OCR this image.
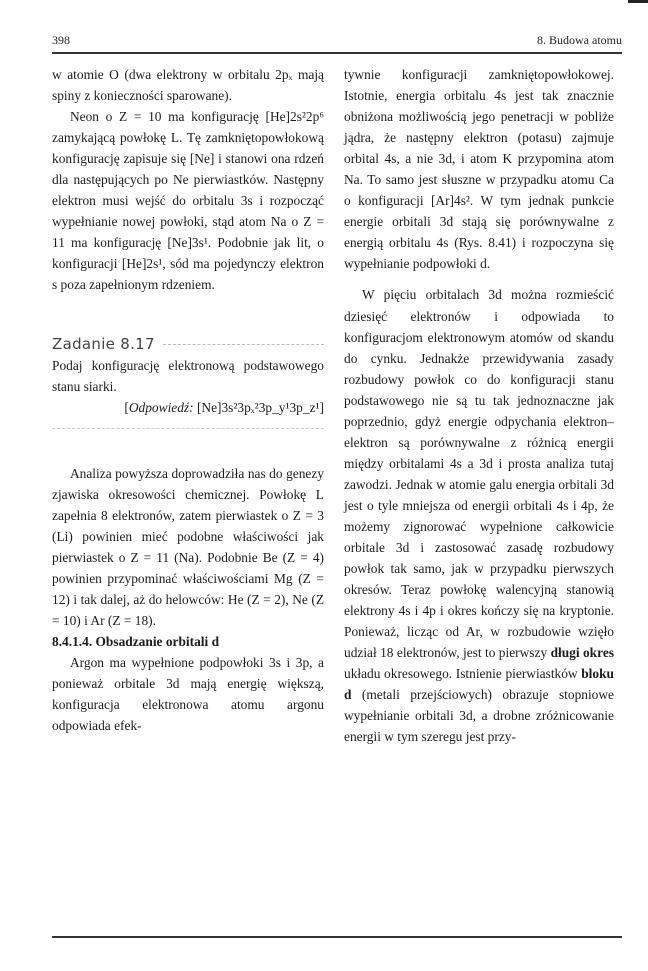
398	8. Budowa atomu

w atomie O (dwa elektrony w orbitalu 2pₓ mają spiny z konieczności sparowane).

Neon o Z = 10 ma konfigurację [He]2s²2p⁶ zamykającą powłokę L. Tę zamkniętopowłokową konfigurację zapisuje się [Ne] i stanowi ona rdzeń dla następujących po Ne pierwiastków. Następny elektron musi wejść do orbitalu 3s i rozpocząć wypełnianie nowej powłoki, stąd atom Na o Z = 11 ma konfigurację [Ne]3s¹. Podobnie jak lit, o konfiguracji [He]2s¹, sód ma pojedynczy elektron s poza zapełnionym rdzeniem.

Zadanie 8.17

Podaj konfigurację elektronową podstawowego stanu siarki.

[Odpowiedź: [Ne]3s²3pₓ²3p_y¹3p_z¹]

Analiza powyższa doprowadziła nas do genezy zjawiska okresowości chemicznej. Powłokę L zapełnia 8 elektronów, zatem pierwiastek o Z = 3 (Li) powinien mieć podobne właściwości jak pierwiastek o Z = 11 (Na). Podobnie Be (Z = 4) powinien przypominać właściwościami Mg (Z = 12) i tak dalej, aż do helowców: He (Z = 2), Ne (Z = 10) i Ar (Z = 18).

8.4.1.4. Obsadzanie orbitali d

Argon ma wypełnione podpowłoki 3s i 3p, a ponieważ orbitale 3d mają energię większą, konfiguracja elektronowa atomu argonu odpowiada efek-

tywnie konfiguracji zamkniętopowłokowej. Istotnie, energia orbitalu 4s jest tak znacznie obniżona możliwością jego penetracji w pobliże jądra, że następny elektron (potasu) zajmuje orbital 4s, a nie 3d, i atom K przypomina atom Na. To samo jest słuszne w przypadku atomu Ca o konfiguracji [Ar]4s². W tym jednak punkcie energie orbitali 3d stają się porównywalne z energią orbitalu 4s (Rys. 8.41) i rozpoczyna się wypełnianie podpowłoki d.

W pięciu orbitalach 3d można rozmieścić dziesięć elektronów i odpowiada to konfiguracjom elektronowym atomów od skandu do cynku. Jednakże przewidywania zasady rozbudowy powłok co do konfiguracji stanu podstawowego nie są tu tak jednoznaczne jak poprzednio, gdyż energie odpychania elektron–elektron są porównywalne z różnicą energii między orbitalami 4s a 3d i prosta analiza tutaj zawodzi. Jednak w atomie galu energia orbitali 3d jest o tyle mniejsza od energii orbitali 4s i 4p, że możemy zignorować wypełnione całkowicie orbitale 3d i zastosować zasadę rozbudowy powłok tak samo, jak w przypadku pierwszych okresów. Teraz powłokę walencyjną stanowią elektrony 4s i 4p i okres kończy się na kryptonie. Ponieważ, licząc od Ar, w rozbudowie wzięło udział 18 elektronów, jest to pierwszy długi okres układu okresowego. Istnienie pierwiastków bloku d (metali przejściowych) obrazuje stopniowe wypełnianie orbitali 3d, a drobne zróżnicowanie energii w tym szeregu jest przy-
